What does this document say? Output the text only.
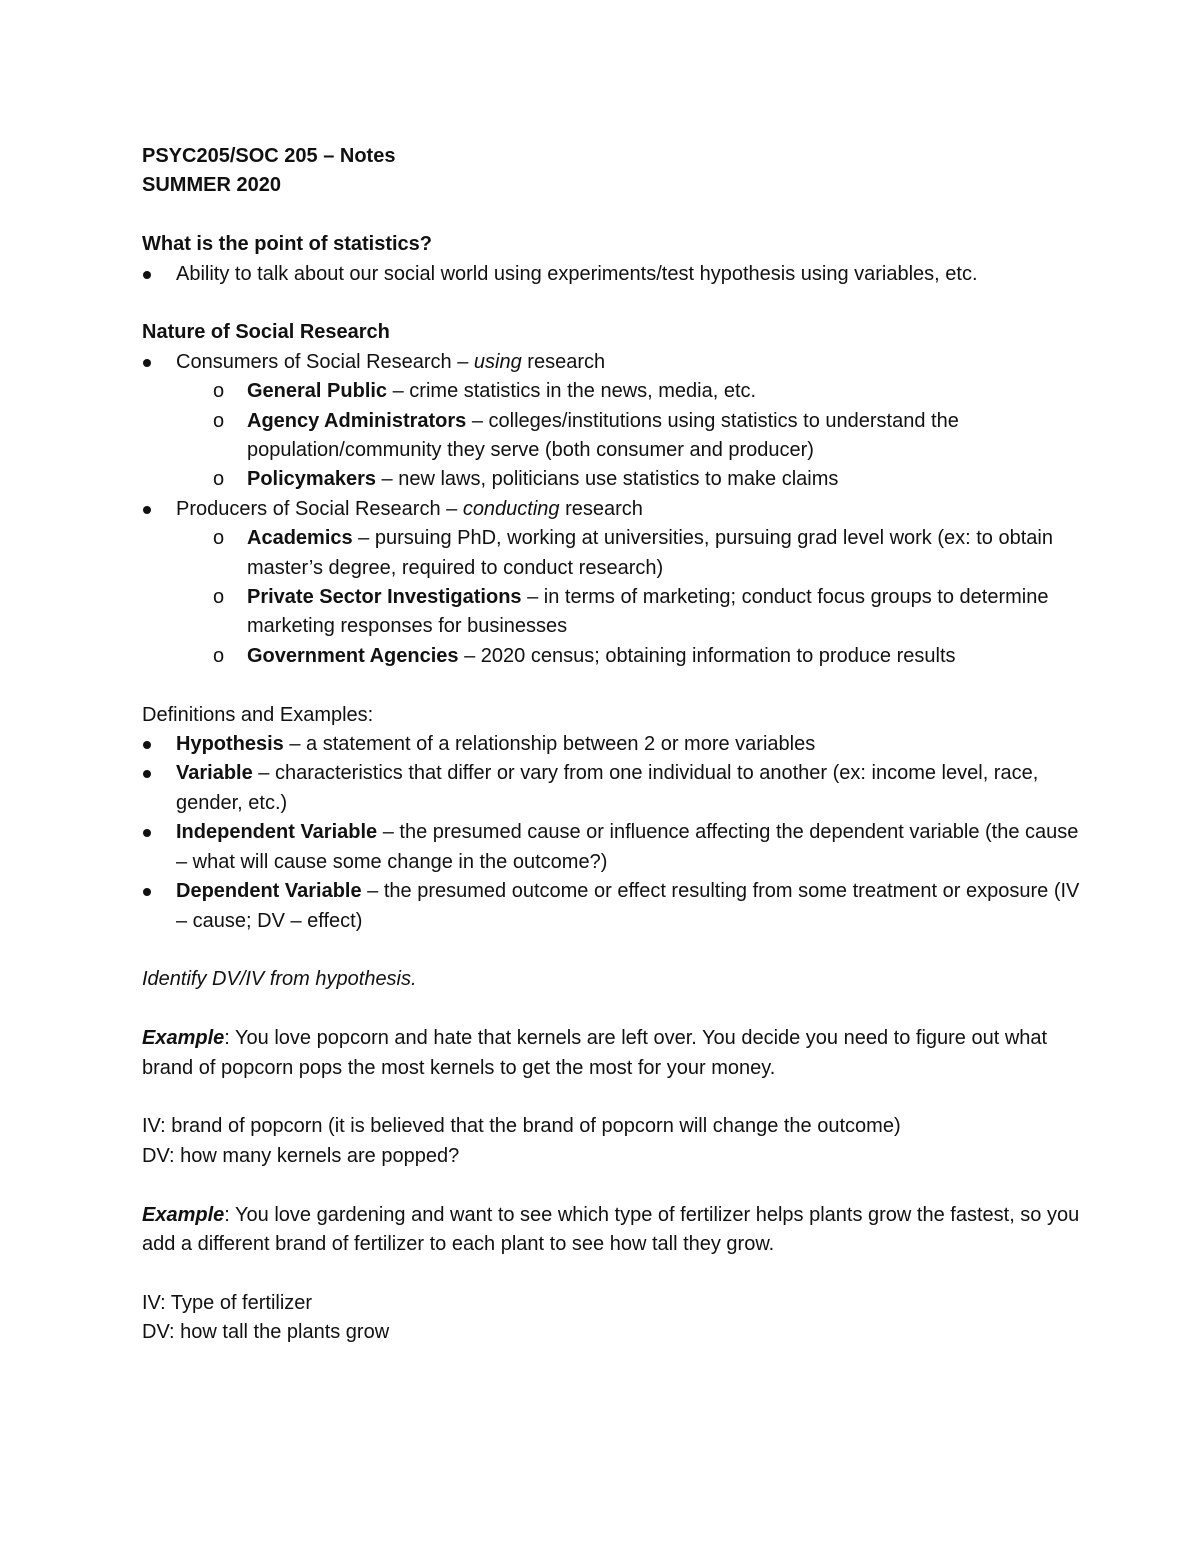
PSYC205/SOC 205 – Notes

SUMMER 2020

What is the point of statistics?

Ability to talk about our social world using experiments/test hypothesis using variables, etc.

Nature of Social Research

Consumers of Social Research – using research

o General Public – crime statistics in the news, media, etc.

o Agency Administrators – colleges/institutions using statistics to understand the population/community they serve (both consumer and producer)

o Policymakers – new laws, politicians use statistics to make claims

Producers of Social Research – conducting research

o Academics – pursuing PhD, working at universities, pursuing grad level work (ex: to obtain master’s degree, required to conduct research)

o Private Sector Investigations – in terms of marketing; conduct focus groups to determine marketing responses for businesses

o Government Agencies – 2020 census; obtaining information to produce results

Definitions and Examples:

Hypothesis – a statement of a relationship between 2 or more variables

Variable – characteristics that differ or vary from one individual to another (ex: income level, race, gender, etc.)

Independent Variable – the presumed cause or influence affecting the dependent variable (the cause – what will cause some change in the outcome?)

Dependent Variable – the presumed outcome or effect resulting from some treatment or exposure (IV – cause; DV – effect)

Identify DV/IV from hypothesis.

Example: You love popcorn and hate that kernels are left over. You decide you need to figure out what brand of popcorn pops the most kernels to get the most for your money.

IV: brand of popcorn (it is believed that the brand of popcorn will change the outcome)

DV: how many kernels are popped?

Example: You love gardening and want to see which type of fertilizer helps plants grow the fastest, so you add a different brand of fertilizer to each plant to see how tall they grow.

IV: Type of fertilizer

DV: how tall the plants grow
